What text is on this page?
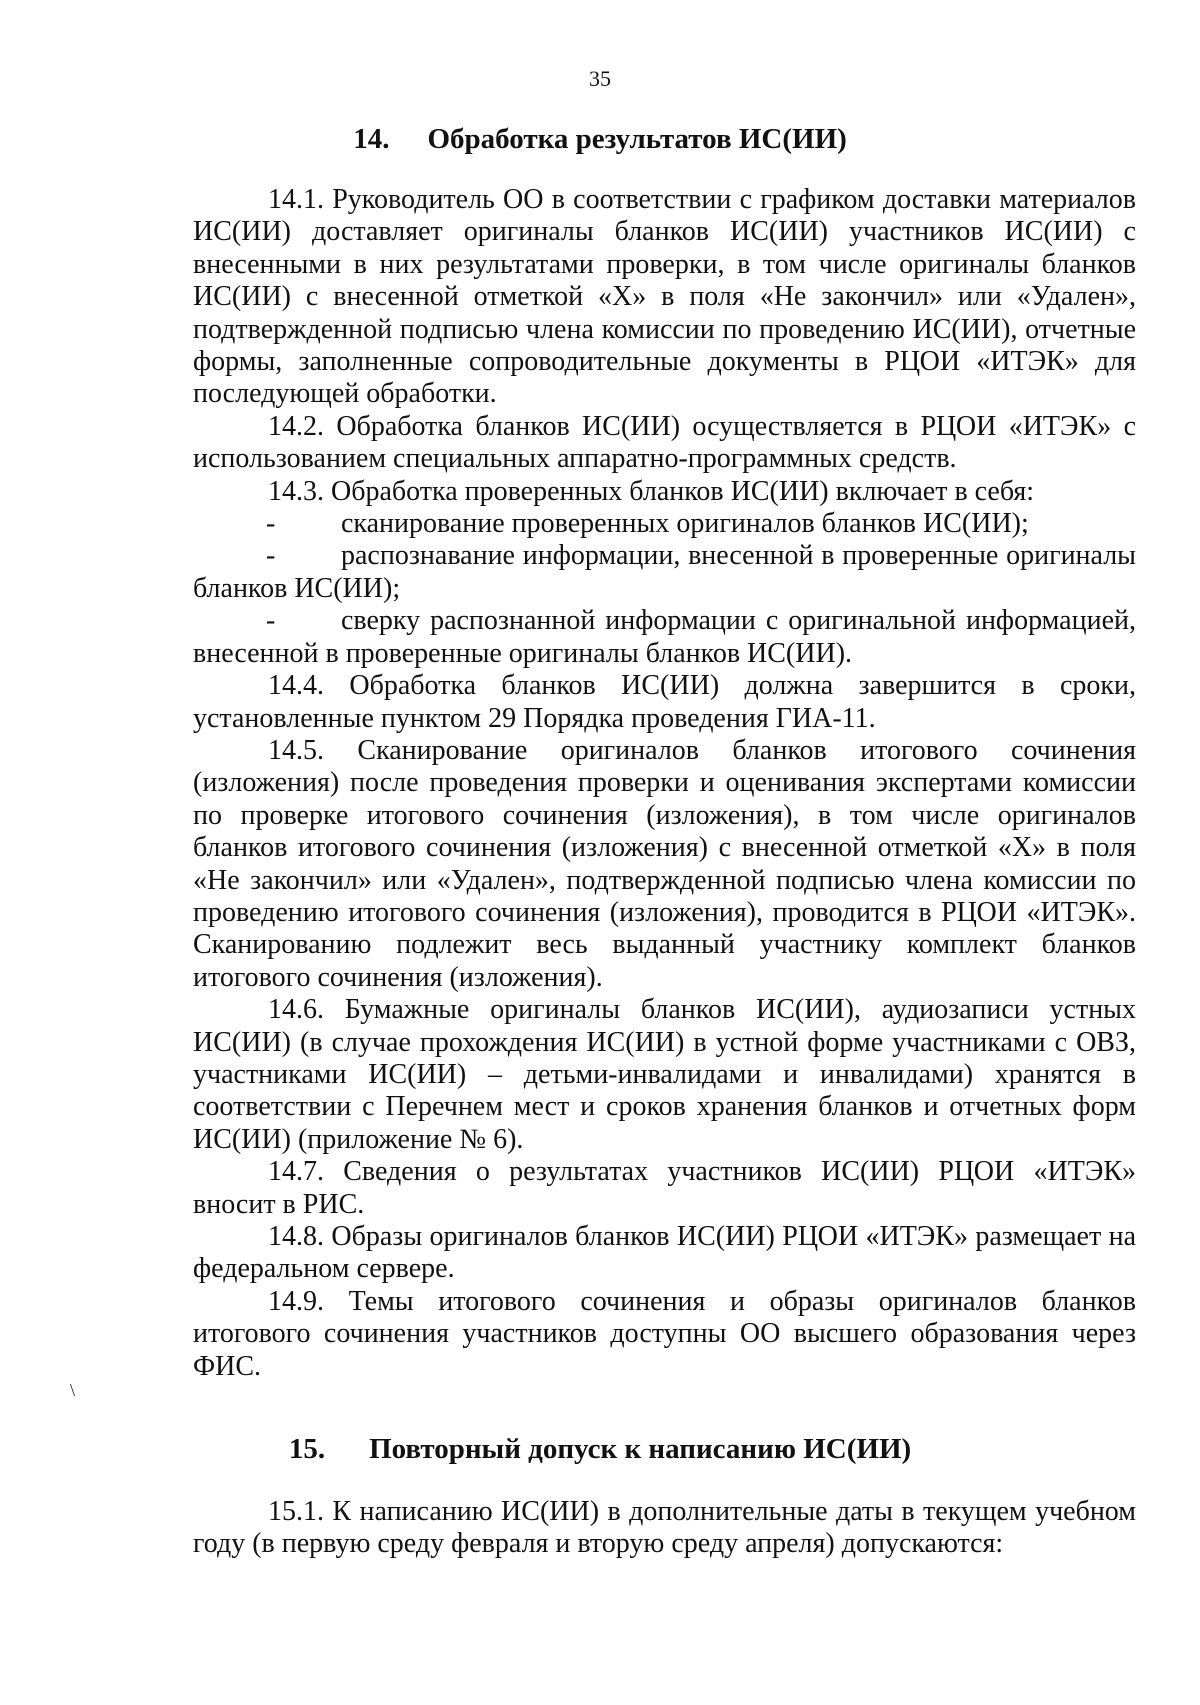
35
14. Обработка результатов ИС(ИИ)

14.1. Руководитель ОО в соответствии с графиком доставки материалов ИС(ИИ) доставляет оригиналы бланков ИС(ИИ) участников ИС(ИИ) с внесенными в них результатами проверки, в том числе оригиналы бланков ИС(ИИ) с внесенной отметкой «X» в поля «Не закончил» или «Удален», подтвержденной подписью члена комиссии по проведению ИС(ИИ), отчетные формы, заполненные сопроводительные документы в РЦОИ «ИТЭК» для последующей обработки.

14.2. Обработка бланков ИС(ИИ) осуществляется в РЦОИ «ИТЭК» с использованием специальных аппаратно-программных средств.

14.3. Обработка проверенных бланков ИС(ИИ) включает в себя:

- сканирование проверенных оригиналов бланков ИС(ИИ);

- распознавание информации, внесенной в проверенные оригиналы бланков ИС(ИИ);

- сверку распознанной информации с оригинальной информацией, внесенной в проверенные оригиналы бланков ИС(ИИ).

14.4. Обработка бланков ИС(ИИ) должна завершится в сроки, установленные пунктом 29 Порядка проведения ГИА-11.

14.5. Сканирование оригиналов бланков итогового сочинения (изложения) после проведения проверки и оценивания экспертами комиссии по проверке итогового сочинения (изложения), в том числе оригиналов бланков итогового сочинения (изложения) с внесенной отметкой «X» в поля «Не закончил» или «Удален», подтвержденной подписью члена комиссии по проведению итогового сочинения (изложения), проводится в РЦОИ «ИТЭК». Сканированию подлежит весь выданный участнику комплект бланков итогового сочинения (изложения).

14.6. Бумажные оригиналы бланков ИС(ИИ), аудиозаписи устных ИС(ИИ) (в случае прохождения ИС(ИИ) в устной форме участниками с ОВЗ, участниками ИС(ИИ) – детьми-инвалидами и инвалидами) хранятся в соответствии с Перечнем мест и сроков хранения бланков и отчетных форм ИС(ИИ) (приложение № 6).

14.7. Сведения о результатах участников ИС(ИИ) РЦОИ «ИТЭК» вносит в РИС.

14.8. Образы оригиналов бланков ИС(ИИ) РЦОИ «ИТЭК» размещает на федеральном сервере.

14.9. Темы итогового сочинения и образы оригиналов бланков итогового сочинения участников доступны ОО высшего образования через ФИС.

\
15. Повторный допуск к написанию ИС(ИИ)

15.1. К написанию ИС(ИИ) в дополнительные даты в текущем учебном году (в первую среду февраля и вторую среду апреля) допускаются:
